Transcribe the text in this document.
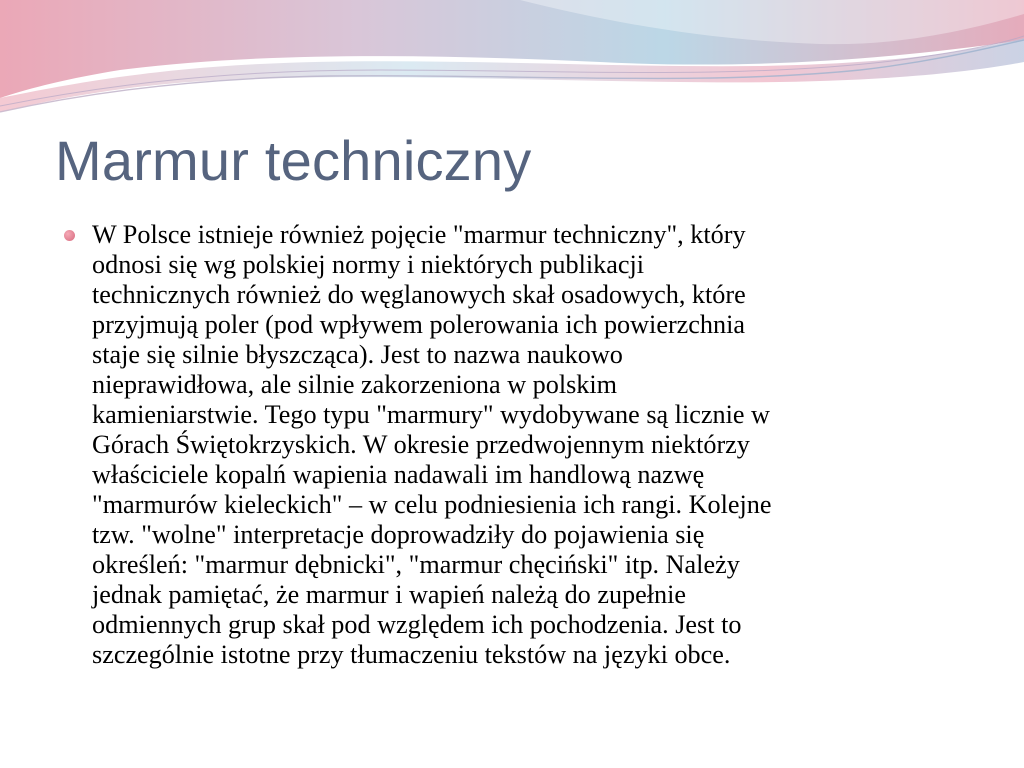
Marmur techniczny

W Polsce istnieje również pojęcie "marmur techniczny", który
odnosi się wg polskiej normy i niektórych publikacji
technicznych również do węglanowych skał osadowych, które
przyjmują poler (pod wpływem polerowania ich powierzchnia
staje się silnie błyszcząca). Jest to nazwa naukowo
nieprawidłowa, ale silnie zakorzeniona w polskim
kamieniarstwie. Tego typu "marmury" wydobywane są licznie w
Górach Świętokrzyskich. W okresie przedwojennym niektórzy
właściciele kopalń wapienia nadawali im handlową nazwę
"marmurów kieleckich" – w celu podniesienia ich rangi. Kolejne
tzw. "wolne" interpretacje doprowadziły do pojawienia się
określeń: "marmur dębnicki", "marmur chęciński" itp. Należy
jednak pamiętać, że marmur i wapień należą do zupełnie
odmiennych grup skał pod względem ich pochodzenia. Jest to
szczególnie istotne przy tłumaczeniu tekstów na języki obce.
